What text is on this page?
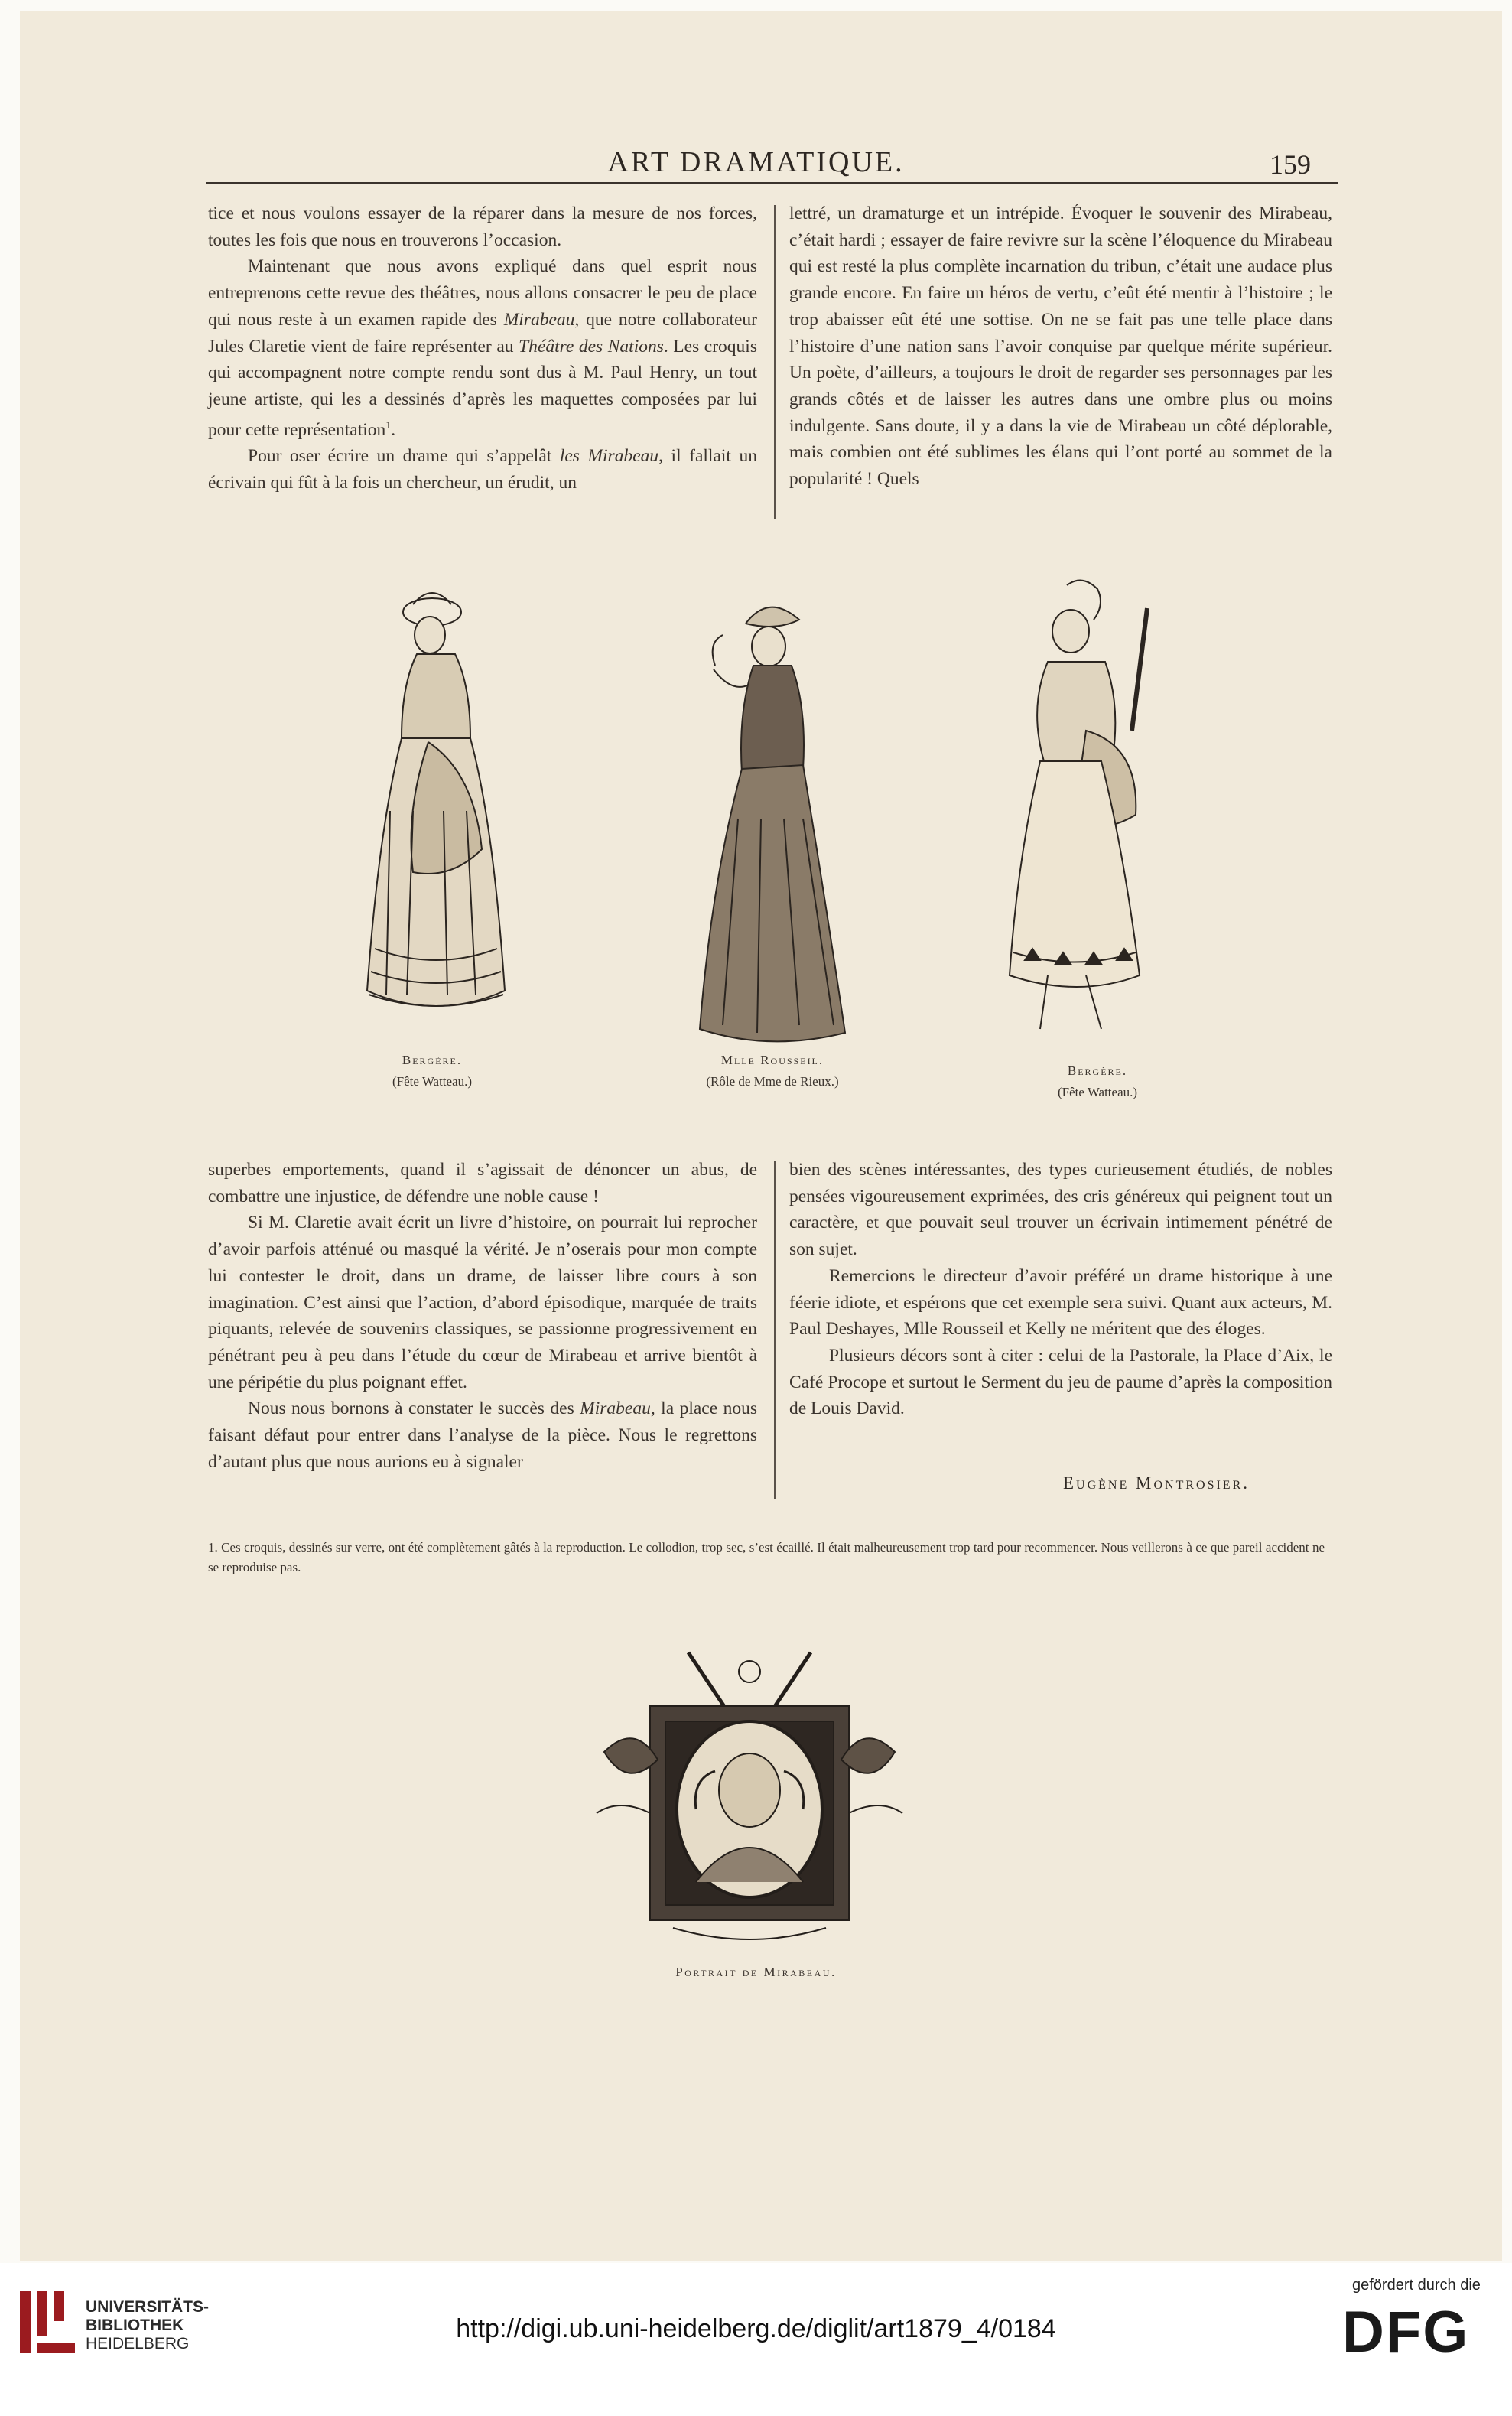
ART DRAMATIQUE.	159

tice et nous voulons essayer de la réparer dans la mesure de nos forces, toutes les fois que nous en trouverons l’occasion.

Maintenant que nous avons expliqué dans quel esprit nous entreprenons cette revue des théâtres, nous allons consacrer le peu de place qui nous reste à un examen rapide des Mirabeau, que notre collaborateur Jules Claretie vient de faire représenter au Théâtre des Nations. Les croquis qui accompagnent notre compte rendu sont dus à M. Paul Henry, un tout jeune artiste, qui les a dessinés d’après les maquettes composées par lui pour cette représentation$^1$.

Pour oser écrire un drame qui s’appelât les Mirabeau, il fallait un écrivain qui fût à la fois un chercheur, un érudit, un

lettré, un dramaturge et un intrépide. Évoquer le souvenir des Mirabeau, c’était hardi ; essayer de faire revivre sur la scène l’éloquence du Mirabeau qui est resté la plus complète incarnation du tribun, c’était une audace plus grande encore. En faire un héros de vertu, c’eût été mentir à l’histoire ; le trop abaisser eût été une sottise. On ne se fait pas une telle place dans l’histoire d’une nation sans l’avoir conquise par quelque mérite supérieur. Un poète, d’ailleurs, a toujours le droit de regarder ses personnages par les grands côtés et de laisser les autres dans une ombre plus ou moins indulgente. Sans doute, il y a dans la vie de Mirabeau un côté déplorable, mais combien ont été sublimes les élans qui l’ont porté au sommet de la popularité ! Quels

Bergère.
(Fête Watteau.)
Mlle Rousseil.
(Rôle de Mme de Rieux.)
Bergère.
(Fête Watteau.)

superbes emportements, quand il s’agissait de dénoncer un abus, de combattre une injustice, de défendre une noble cause !

Si M. Claretie avait écrit un livre d’histoire, on pourrait lui reprocher d’avoir parfois atténué ou masqué la vérité. Je n’oserais pour mon compte lui contester le droit, dans un drame, de laisser libre cours à son imagination. C’est ainsi que l’action, d’abord épisodique, marquée de traits piquants, relevée de souvenirs classiques, se passionne progressivement en pénétrant peu à peu dans l’étude du cœur de Mirabeau et arrive bientôt à une péripétie du plus poignant effet.

Nous nous bornons à constater le succès des Mirabeau, la place nous faisant défaut pour entrer dans l’analyse de la pièce. Nous le regrettons d’autant plus que nous aurions eu à signaler

bien des scènes intéressantes, des types curieusement étudiés, de nobles pensées vigoureusement exprimées, des cris généreux qui peignent tout un caractère, et que pouvait seul trouver un écrivain intimement pénétré de son sujet.

Remercions le directeur d’avoir préféré un drame historique à une féerie idiote, et espérons que cet exemple sera suivi. Quant aux acteurs, M. Paul Deshayes, Mlle Rousseil et Kelly ne méritent que des éloges.

Plusieurs décors sont à citer : celui de la Pastorale, la Place d’Aix, le Café Procope et surtout le Serment du jeu de paume d’après la composition de Louis David.

Eugène Montrosier.
1. Ces croquis, dessinés sur verre, ont été complètement gâtés à la reproduction. Le collodion, trop sec, s’est écaillé. Il était malheureusement trop tard pour recommencer. Nous veillerons à ce que pareil accident ne se reproduise pas.
Portrait de Mirabeau.
UNIVERSITÄTS-
BIBLIOTHEK
HEIDELBERG
http://digi.ub.uni-heidelberg.de/diglit/art1879_4/0184
gefördert durch die
DFG
